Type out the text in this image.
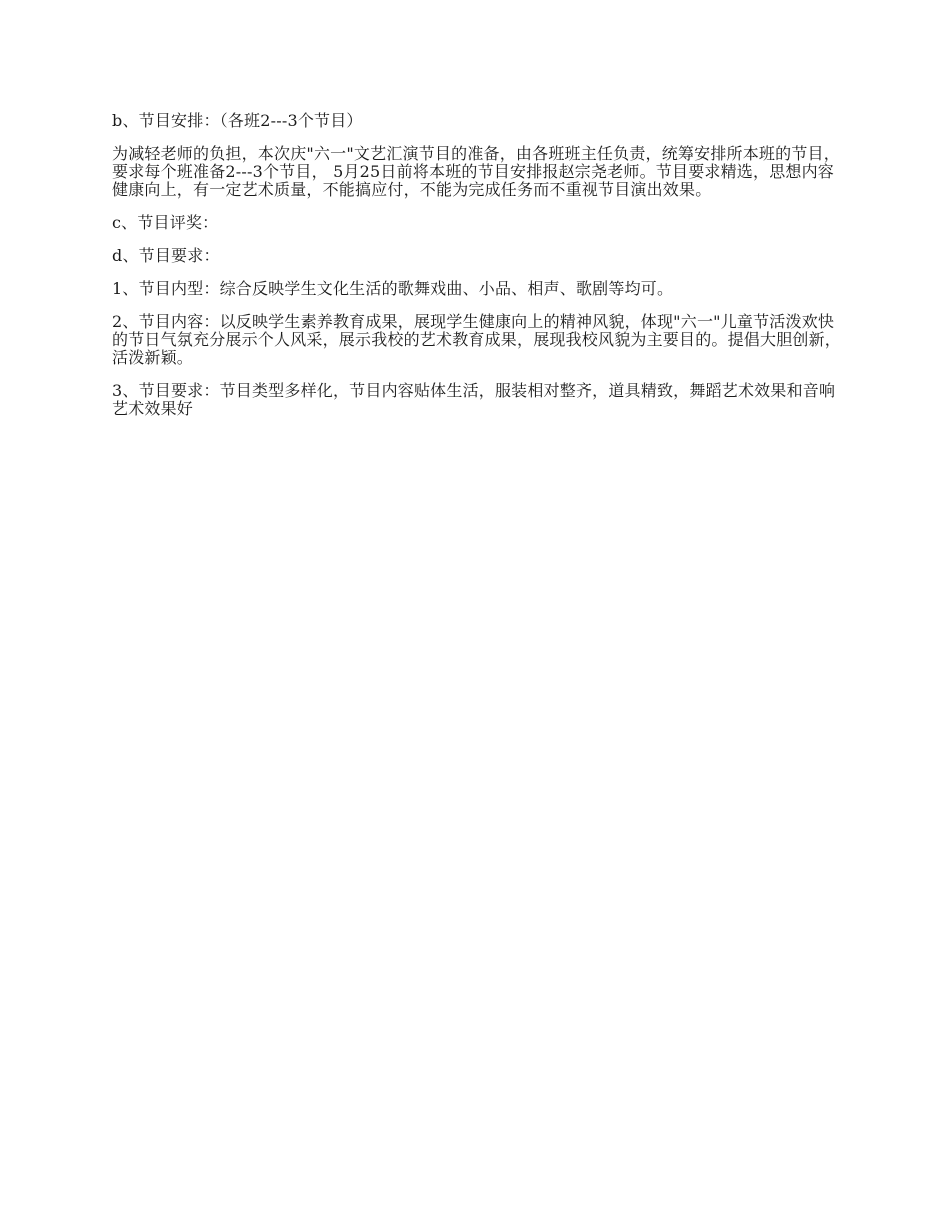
b、节目安排：（各班2---3个节目）

为减轻老师的负担，本次庆"六一"文艺汇演节目的准备，由各班班主任负责，统筹安排所本班的节目，要求每个班准备2---3个节目， 5月25日前将本班的节目安排报赵宗尧老师。节目要求精选，思想内容健康向上，有一定艺术质量，不能搞应付，不能为完成任务而不重视节目演出效果。

c、节目评奖：

d、节目要求：

1、节目内型：综合反映学生文化生活的歌舞戏曲、小品、相声、歌剧等均可。

2、节目内容：以反映学生素养教育成果，展现学生健康向上的精神风貌，体现"六一"儿童节活泼欢快的节日气氛充分展示个人风采，展示我校的艺术教育成果，展现我校风貌为主要目的。提倡大胆创新，活泼新颖。

3、节目要求：节目类型多样化，节目内容贴体生活，服装相对整齐，道具精致，舞蹈艺术效果和音响艺术效果好
